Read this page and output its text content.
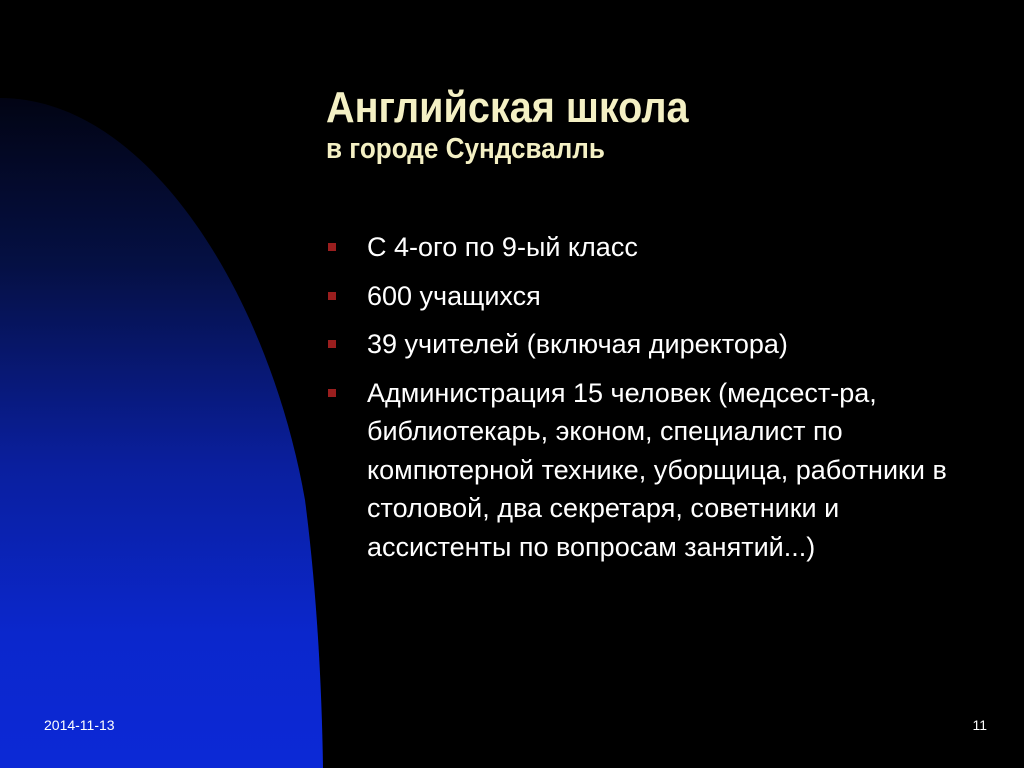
Английская школа
в городе Сундсвалль
С 4-ого по 9-ый класс
600 учащихся
39 учителей (включая директора)
Администрация 15 человек (медсест-ра, библиотекарь, эконом, специалист по компютерной технике, уборщица, работники в столовой, два секретаря, советники и ассистенты по вопросам занятий...)
2014-11-13	11
